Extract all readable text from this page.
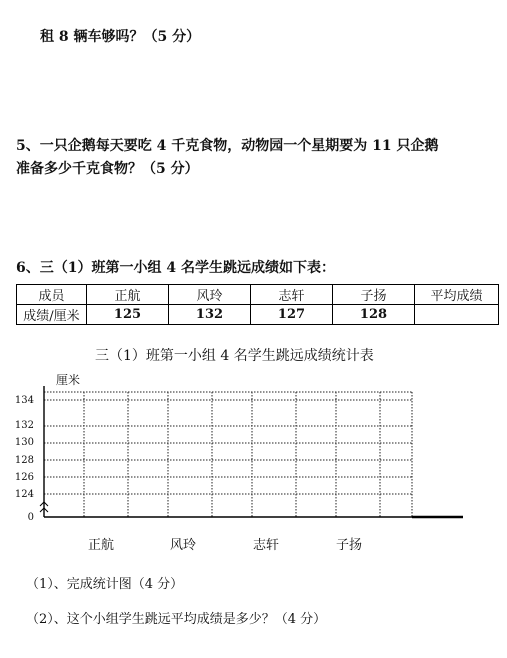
租 8 辆车够吗？（5 分）
5、一只企鹅每天要吃 4 千克食物，动物园一个星期要为 11 只企鹅
准备多少千克食物？（5 分）
6、三（1）班第一小组 4 名学生跳远成绩如下表：
成员	正航	风玲	志轩	子扬	平均成绩
成绩/厘米	125	132	127	128	
三（1）班第一小组 4 名学生跳远成绩统计表
厘米
134
132
130
128
126
124
0
正航	风玲	志轩	子扬
（1）、完成统计图（4 分）
（2）、这个小组学生跳远平均成绩是多少？（4 分）
